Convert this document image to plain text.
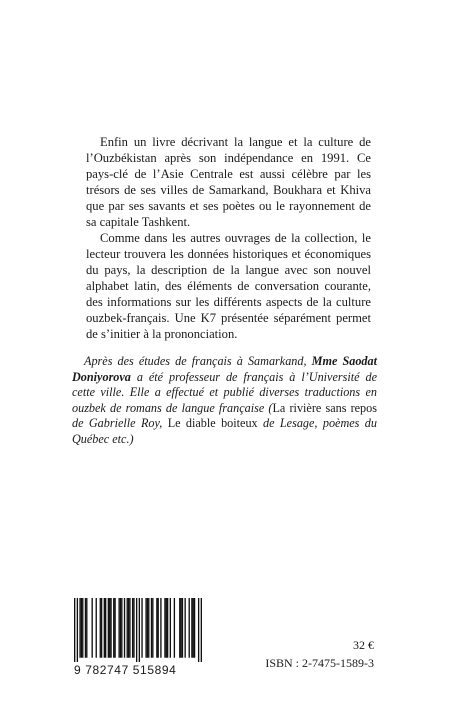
Enfin un livre décrivant la langue et la culture de l’Ouzbékistan après son indépendance en 1991. Ce pays-clé de l’Asie Centrale est aussi célèbre par les trésors de ses villes de Samarkand, Boukhara et Khiva que par ses savants et ses poètes ou le rayonnement de sa capitale Tashkent.

Comme dans les autres ouvrages de la collection, le lecteur trouvera les données historiques et économiques du pays, la description de la langue avec son nouvel alphabet latin, des éléments de conversation courante, des informations sur les différents aspects de la culture ouzbek-français. Une K7 présentée séparément permet de s’initier à la prononciation.

Après des études de français à Samarkand, Mme Saodat Doniyorova a été professeur de français à l’Université de cette ville. Elle a effectué et publié diverses traductions en ouzbek de romans de langue française (La rivière sans repos de Gabrielle Roy, Le diable boiteux de Lesage, poèmes du Québec etc.)

9 782747 515894
32 €
ISBN : 2-7475-1589-3
